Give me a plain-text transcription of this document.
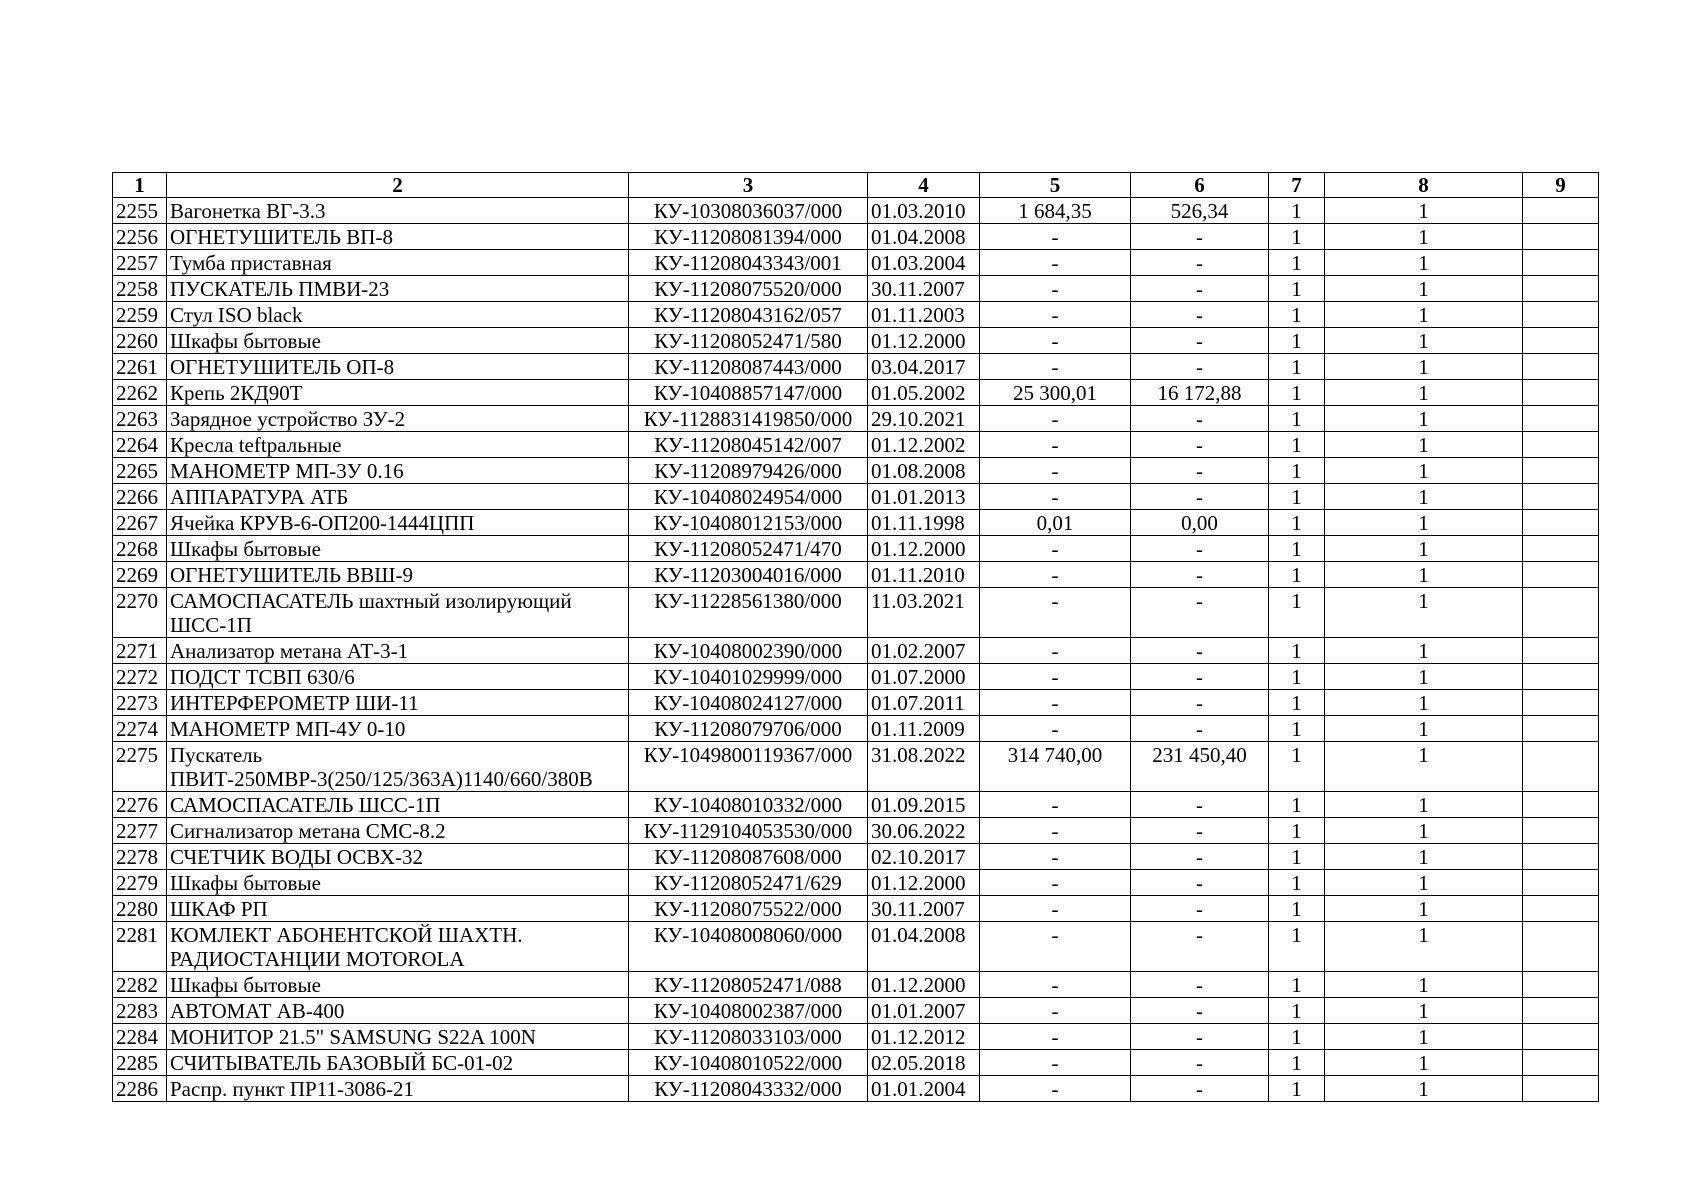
1	2	3	4	5	6	7	8	9
2255	Вагонетка ВГ-3.3	КУ-10308036037/000	01.03.2010	1 684,35	526,34	1	1	
2256	ОГНЕТУШИТЕЛЬ ВП-8	КУ-11208081394/000	01.04.2008	-	-	1	1	
2257	Тумба приставная	КУ-11208043343/001	01.03.2004	-	-	1	1	
2258	ПУСКАТЕЛЬ ПМВИ-23	КУ-11208075520/000	30.11.2007	-	-	1	1	
2259	Стул ISO black	КУ-11208043162/057	01.11.2003	-	-	1	1	
2260	Шкафы бытовые	КУ-11208052471/580	01.12.2000	-	-	1	1	
2261	ОГНЕТУШИТЕЛЬ ОП-8	КУ-11208087443/000	03.04.2017	-	-	1	1	
2262	Крепь 2КД90Т	КУ-10408857147/000	01.05.2002	25 300,01	16 172,88	1	1	
2263	Зарядное устройство ЗУ-2	КУ-1128831419850/000	29.10.2021	-	-	1	1	
2264	Кресла teftральные	КУ-11208045142/007	01.12.2002	-	-	1	1	
2265	МАНОМЕТР МП-3У 0.16	КУ-11208979426/000	01.08.2008	-	-	1	1	
2266	АППАРАТУРА АТБ	КУ-10408024954/000	01.01.2013	-	-	1	1	
2267	Ячейка КРУВ-6-ОП200-1444ЦПП	КУ-10408012153/000	01.11.1998	0,01	0,00	1	1	
2268	Шкафы бытовые	КУ-11208052471/470	01.12.2000	-	-	1	1	
2269	ОГНЕТУШИТЕЛЬ ВВШ-9	КУ-11203004016/000	01.11.2010	-	-	1	1	
2270	САМОСПАСАТЕЛЬ шахтный изолирующий ШСС-1П	КУ-11228561380/000	11.03.2021	-	-	1	1	
2271	Анализатор метана АТ-3-1	КУ-10408002390/000	01.02.2007	-	-	1	1	
2272	ПОДСТ ТСВП 630/6	КУ-10401029999/000	01.07.2000	-	-	1	1	
2273	ИНТЕРФЕРОМЕТР ШИ-11	КУ-10408024127/000	01.07.2011	-	-	1	1	
2274	МАНОМЕТР МП-4У 0-10	КУ-11208079706/000	01.11.2009	-	-	1	1	
2275	Пускатель ПВИТ-250МВР-3(250/125/363А)1140/660/380В	КУ-1049800119367/000	31.08.2022	314 740,00	231 450,40	1	1	
2276	САМОСПАСАТЕЛЬ ШСС-1П	КУ-10408010332/000	01.09.2015	-	-	1	1	
2277	Сигнализатор метана СМС-8.2	КУ-1129104053530/000	30.06.2022	-	-	1	1	
2278	СЧЕТЧИК ВОДЫ ОСВХ-32	КУ-11208087608/000	02.10.2017	-	-	1	1	
2279	Шкафы бытовые	КУ-11208052471/629	01.12.2000	-	-	1	1	
2280	ШКАФ РП	КУ-11208075522/000	30.11.2007	-	-	1	1	
2281	КОМЛЕКТ АБОНЕНТСКОЙ ШАХТН. РАДИОСТАНЦИИ MOTOROLA	КУ-10408008060/000	01.04.2008	-	-	1	1	
2282	Шкафы бытовые	КУ-11208052471/088	01.12.2000	-	-	1	1	
2283	АВТОМАТ АВ-400	КУ-10408002387/000	01.01.2007	-	-	1	1	
2284	МОНИТОР 21.5" SAMSUNG S22A 100N	КУ-11208033103/000	01.12.2012	-	-	1	1	
2285	СЧИТЫВАТЕЛЬ БАЗОВЫЙ БС-01-02	КУ-10408010522/000	02.05.2018	-	-	1	1	
2286	Распр. пункт ПР11-3086-21	КУ-11208043332/000	01.01.2004	-	-	1	1	
